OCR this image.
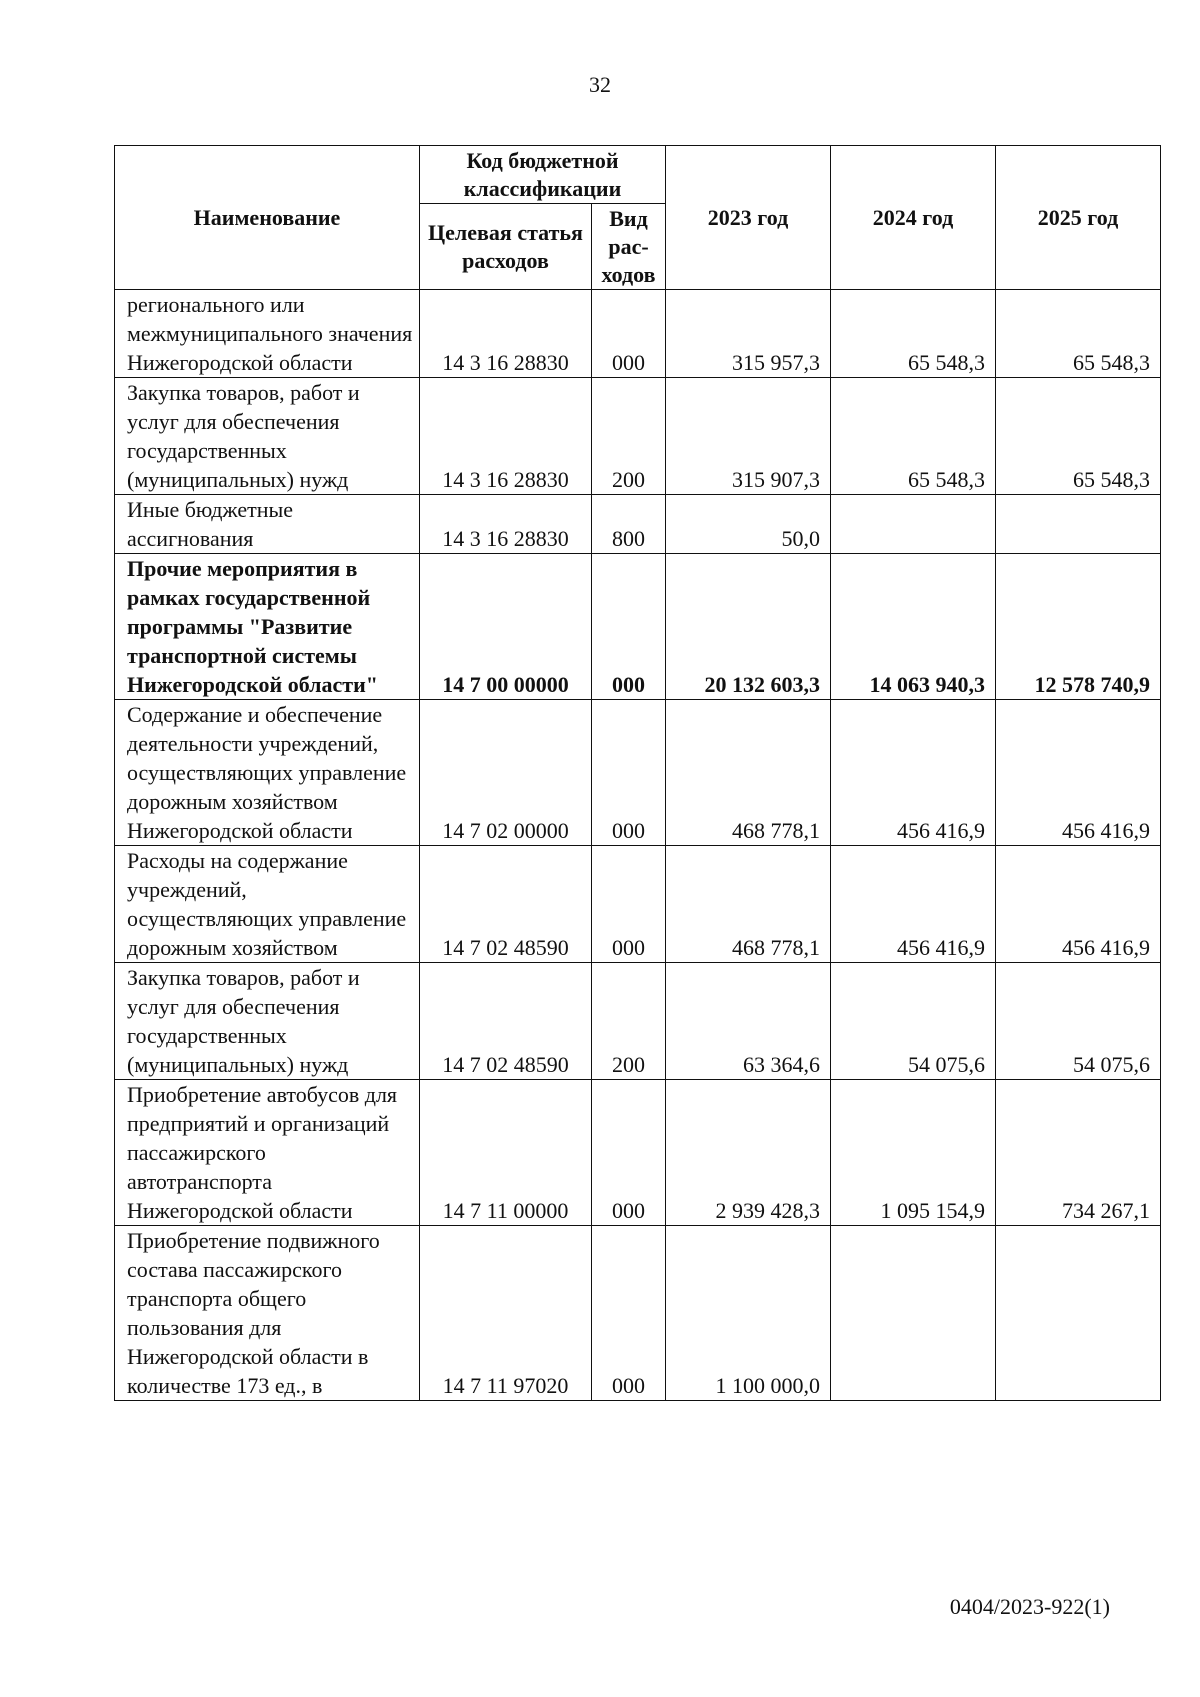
32
Наименование	Код бюджетной классификации		2023 год	2024 год	2025 год
	Целевая статья расходов	Вид рас-ходов			
регионального или межмуниципального значения Нижегородской области	14 3 16 28830	000	315 957,3	65 548,3	65 548,3
Закупка товаров, работ и услуг для обеспечения государственных (муниципальных) нужд	14 3 16 28830	200	315 907,3	65 548,3	65 548,3
Иные бюджетные ассигнования	14 3 16 28830	800	50,0		
Прочие мероприятия в рамках государственной программы "Развитие транспортной системы Нижегородской области"	14 7 00 00000	000	20 132 603,3	14 063 940,3	12 578 740,9
Содержание и обеспечение деятельности учреждений, осуществляющих управление дорожным хозяйством Нижегородской области	14 7 02 00000	000	468 778,1	456 416,9	456 416,9
Расходы на содержание учреждений, осуществляющих управление дорожным хозяйством	14 7 02 48590	000	468 778,1	456 416,9	456 416,9
Закупка товаров, работ и услуг для обеспечения государственных (муниципальных) нужд	14 7 02 48590	200	63 364,6	54 075,6	54 075,6
Приобретение автобусов для предприятий и организаций пассажирского автотранспорта Нижегородской области	14 7 11 00000	000	2 939 428,3	1 095 154,9	734 267,1
Приобретение подвижного состава пассажирского транспорта общего пользования для Нижегородской области в количестве 173 ед., в	14 7 11 97020	000	1 100 000,0		
0404/2023-922(1)
